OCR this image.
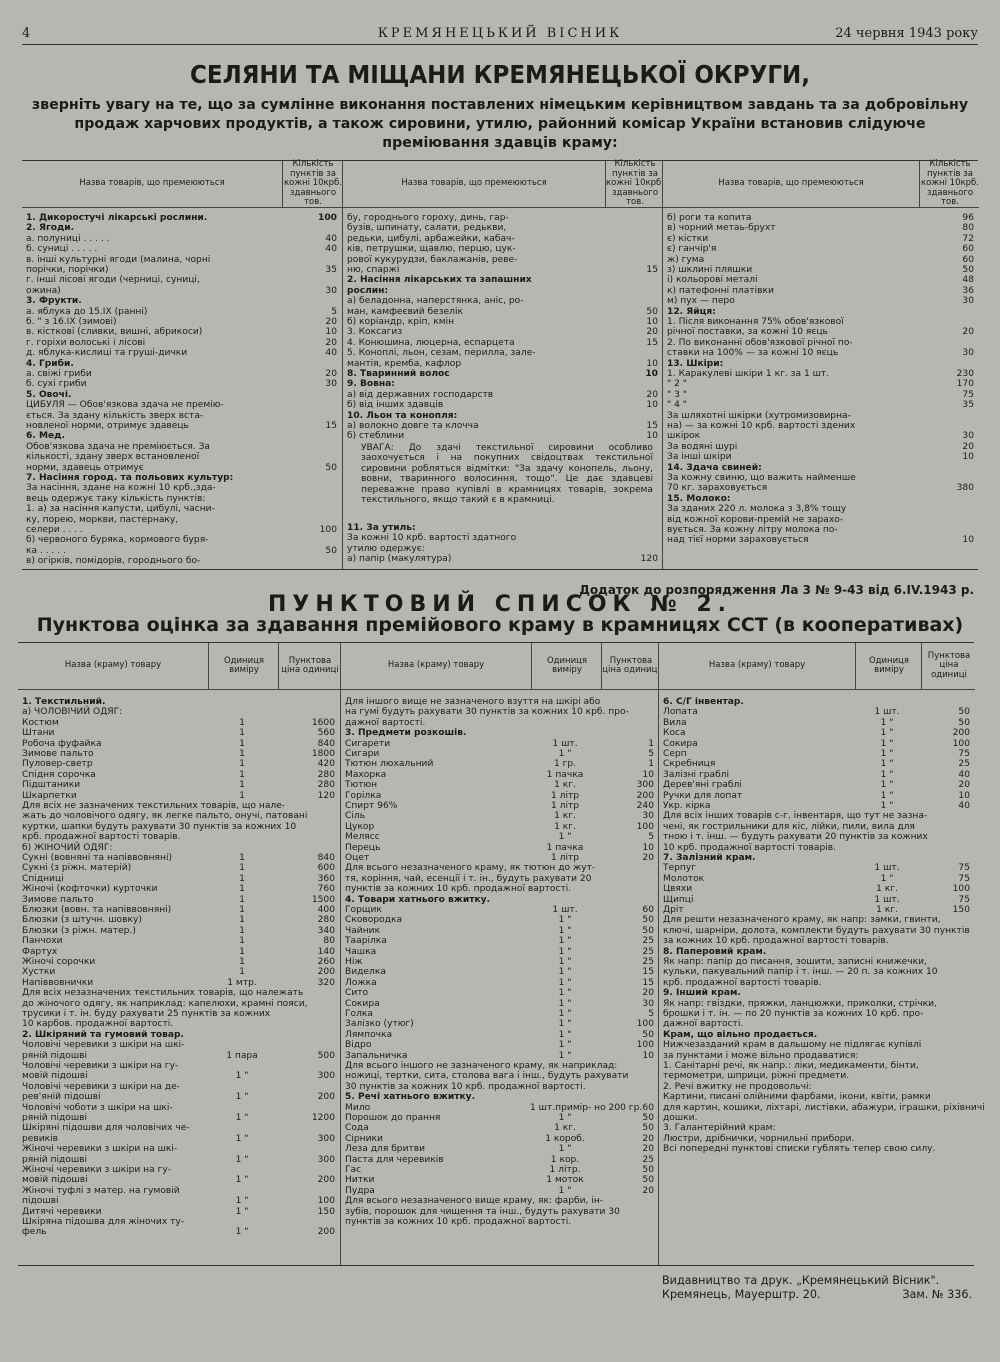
4	КРЕМЯНЕЦЬКИЙ ВІСНИК	24 червня 1943 року
СЕЛЯНИ ТА МІЩАНИ КРЕМЯНЕЦЬКОЇ ОКРУГИ,
зверніть увагу на те, що за сумлінне виконання поставлених німецьким керівництвом завдань та за добровільну продаж харчових продуктів, а також сировини, утилю, районний комісар України встановив слідуюче преміювання здавців краму:
Назва товарів, що премеюються
Кількість пунктів за кожні 10крб. здавнього тов.
1. Дикоростучі лікарські рослини.	100
2. Ягоди.
а. полуниці . . . . .	40
б. суниці . . . . .	40
в. інші культурні ягоди (малина, чорні
порічки, порічки)	35
г. інші лісові ягоди (черниці, суниці,
ожина)	30
3. Фрукти.
а. яблука до 15.IX (ранні)	5
б. " з 16.IX (зимові)	20
в. кісткові (сливки, вишні, абрикоси)	10
г. горіхи волоські і лісові	20
д. яблука-кислиці та груші-дички	40
4. Гриби.
а. свіжі гриби	20
б. сухі гриби	30
5. Овочі.
ЦИБУЛЯ — Обов'язкова здача не премію-
ється. За здану кількість зверх вста-
новленої норми, отримує здавець	15
6. Мед.
Обов'язкова здача не преміюється. За
кількості, здану зверх встановленої
норми, здавець отримує	50
7. Насіння город. та польових культур:
За насіння, здане на кожні 10 крб.,зда-
вець одержує таку кількість пунктів:
1. а) за насіння капусти, цибулі, часни-
ку, порею, моркви, пастернаку,
селери . . . .	100
б) червоного буряка, кормового буря-
ка . . . . .	50
в) огірків, помідорів, городнього бо-
Назва товарів, що премеюються
Кількість пунктів за кожні 10крб. здавнього тов.
бу, городнього гороху, динь, гар-
бузів, шпинату, салати, редькви,
редьки, цибулі, арбажейки, кабач-
ків, петрушки, щавлю, перцю, цук-
рової кукурудзи, баклажанів, реве-
ню, спаржі	15
2. Насіння лікарських та запашних
рослин:
а) беладонна, наперстянка, аніс, ро-
ман, камфеєвий безелік	50
б) коріандр, кріп, кмін	10
3. Коксагиз	20
4. Конюшина, люцерна, еспарцета	15
5. Коноплі, льон, сезам, перилла, зале-
мантія, кремба, кафлор	10
8. Тваринний волос	10
9. Вовна:
а) від державних господарств	20
б) від інших здавців	10
10. Льон та конопля:
а) волокно довге та клочча	15
б) стеблини	10
УВАГА: До здачі текстильної сировини особливо заохочується і на покупних свідоцтвах текстильної сировини робляться відмітки: "За здачу конопель, льону, вовни, тваринного волосиння, тощо". Це дає здавцеві переважне право купівлі в крамницях товарів, зокрема текстильного, якщо такий є в крамниці.
11. За утиль:
За кожні 10 крб. вартості здатного
утилю одержує:
а) папір (макулятура)	120
Назва товарів, що премеюються
Кількість пунктів за кожні 10крб. здавнього тов.
б) роги та копита	96
в) чорний метаь-брухт	80
є) кістки	72
є) ганчір'я	60
ж) гума	60
з) шклині пляшки	50
і) кольорові металі	48
к) патефонні платівки	36
м) пух — перо	30
12. Яйця:
1. Після виконання 75% обов'язкової
річної поставки, за кожні 10 яєць	20
2. По виконанні обов'язкової річної по-
ставки на 100% — за кожні 10 яєць	30
13. Шкіри:
1. Каракулеві шкіри 1 кг. за 1 шт.	230
" 2 "	170
" 3 "	75
" 4 "	35
За шляхотні шкірки (хутромизовирна-
на) — за кожні 10 крб. вартості здених
шкірок	30
За водяні шурі	20
За інші шкіри	10
14. Здача свиней:
За кожну свиню, що важить найменше
70 кг. зараховується	380
15. Молоко:
За зданих 220 л. молока з 3,8% тощу
від кожної корови-премій не зарахо-
вується. За кожну літру молока по-
над тієї норми зараховується	10
Додаток до розпорядження Ла 3 № 9-43 від 6.IV.1943 р.
ПУНКТОВИЙ СПИСОК № 2.
Пунктова оцінка за здавання премійового краму в крамницях ССТ (в кооперативах)
Назва (краму) товару	Одиниця виміру
Пунктова ціна одиниці
1. Текстильний.
а) ЧОЛОВІЧИЙ ОДЯГ:
Костюм	1	1600
Штани	1	560
Робоча фуфайка	1	840
Зимове пальто	1	1800
Пуловер-светр	1	420
Спідня сорочка	1	280
Підштаники	1	280
Шкарпетки	1	120
Для всіх не зазначених текстильних товарів, що нале-
жать до чоловічого одягу, як легке пальто, онучі, патовані
куртки, шапки будуть рахувати 30 пунктів за кожних 10
крб. продажної вартості товарів.
б) ЖІНОЧИЙ ОДЯГ:
Сукні (вовняні та напіввовняні)	1	840
Сукні (з ріжн. матерій)	1	600
Спідниці	1	360
Жіночі (кофточки) курточки	1	760
Зимове пальто	1	1500
Блюзки (вовн. та напіввовняні)	1	400
Блюзки (з штучн. шовку)	1	280
Блюзки (з ріжн. матер.)	1	340
Панчохи	1	80
Фартух	1	140
Жіночі сорочки	1	260
Хустки	1	200
Напіввовнички	1 мтр.	320
Для всіх незазначених текстильних товарів, що належать
до жіночого одягу, як наприклад: капелюхи, крамні пояси,
трусики і т. ін. буду рахувати 25 пунктів за кожних
10 карбов. продажної вартості.
2. Шкіряний та гумовий товар.
Чоловічі черевики з шкіри на шкі-
ряній підошві	1 пара	500
Чоловічі черевики з шкіри на гу-
мовій підошві	1 "	300
Чоловічі черевики з шкіри на де-
рев'яній підошві	1 "	200
Чоловічі чоботи з шкіри на шкі-
ряній підошві	1 "	1200
Шкіряні підошви для чоловічих че-
ревиків	1 "	300
Жіночі черевики з шкіри на шкі-
ряній підошві	1 "	300
Жіночі черевики з шкіри на гу-
мовій підошві	1 "	200
Жіночі туфлі з матер. на гумовій
підошві	1 "	100
Дитячі черевики	1 "	150
Шкіряна підошва для жіночих ту-
фель	1 "	200
Назва (краму) товару	Одиниця виміру
Пунктова ціна одиниці
Для іншого вище не зазначеного взуття на шкірі або
на гумі будуть рахувати 30 пунктів за кожних 10 крб. про-
дажної вартості.
3. Предмети розкошів.
Сигарети	1 шт.	1
Сигари	1 "	5
Тютюн люхальний	1 гр.	1
Махорка	1 пачка	10
Тютюн	1 кг.	300
Горілка	1 літр	200
Спирт 96%	1 літр	240
Сіль	1 кг.	30
Цукор	1 кг.	100
Мелясс	1 "	5
Перець	1 пачка	10
Оцет	1 літр	20
Для всього незазначеного краму, як тютюн до жут-
тя, коріння, чай, есенції і т. ін., будуть рахувати 20
пунктів за кожних 10 крб. продажної вартості.
4. Товари хатнього вжитку.
Горщик	1 шт.	60
Сковородка	1 "	50
Чайник	1 "	50
Таарілка	1 "	25
Чашка	1 "	25
Ніж	1 "	25
Виделка	1 "	15
Ложка	1 "	15
Сито	1 "	20
Сокира	1 "	30
Голка	1 "	5
Залізко (утюг)	1 "	100
Лямпочка	1 "	50
Відро	1 "	100
Запальничка	1 "	10
Для всього іншого не зазначеного краму, як наприклад:
ножиці, тертки, сита, столова вага і інш., будуть рахувати
30 пунктів за кожних 10 крб. продажної вартості.
5. Речі хатнього вжитку.
Мило	1 шт.примір- но 200 гр. 60
Порошок до прання	1 "	50
Сода	1 кг.	50
Сірники	1 короб.	20
Леза для бритви	1 "	20
Паста для черевиків	1 кор.	25
Гас	1 літр.	50
Нитки	1 моток	50
Пудра	1 "	20
Для всього незазначеного вище краму, як: фарби, ін-
зубів, порошок для чищення та інш., будуть рахувати 30
пунктів за кожних 10 крб. продажної вартості.
Назва (краму) товару	Одиниця виміру
Пунктова ціна одиниці
6. С/Г інвентар.
Лопата	1 шт.	50
Вила	1 "	50
Коса	1 "	200
Сокира	1 "	100
Серп	1 "	75
Скребниця	1 "	25
Залізні граблі	1 "	40
Дерев'яні граблі	1 "	20
Ручки для лопат	1 "	10
Укр. кірка	1 "	40
Для всіх інших товарів с-г. інвентаря, що тут не зазна-
чені, як гострильники для кіс, лійки, пили, вила для
тною і т. інш. — будуть рахувати 20 пунктів за кожних
10 крб. продажної вартості товарів.
7. Залізний крам.
Терпуг	1 шт.	75
Молоток	1 "	75
Цвяхи	1 кг.	100
Щипці	1 шт.	75
Дріт	1 кг.	150
Для решти незазначеного краму, як напр: замки, гвинти,
ключі, шарніри, долота, комплекти будуть рахувати 30 пунктів
за кожних 10 крб. продажної вартості товарів.
8. Паперовий крам.
Як напр: папір до писання, зошити, записні книжечки,
кульки, пакувальний папір і т. інш. — 20 п. за кожних 10
крб. продажної вартості товарів.
9. Інший крам.
Як напр: гвіздки, пряжки, ланцюжки, приколки, стрічки,
брошки і т. ін. — по 20 пунктів за кожних 10 крб. про-
дажної вартості.
Крам, що вільно продається.
Нижчезазданий крам в дальшому не підлягає купівлі
за пунктами і може вільно продаватися:
1. Санітарні речі, як напр.: ліки, медикаменти, бінти,
термометри, шприци, ріжні предмети.
2. Речі вжитку не продовольчі:
Картини, писані олійними фарбами, ікони, квіти, рамки
для картин, кошики, ліхтарі, листівки, абажури, іграшки, ріхівничі
дошки.
3. Галантерійний крам:
Люстри, дрібнички, чорнильні прибори.
Всі попередні пунктові списки гублять тепер свою силу.
Видавництво та друк. „Кремянецький Вісник".
Кремянець, Мауерштр. 20.	Зам. № 336.
